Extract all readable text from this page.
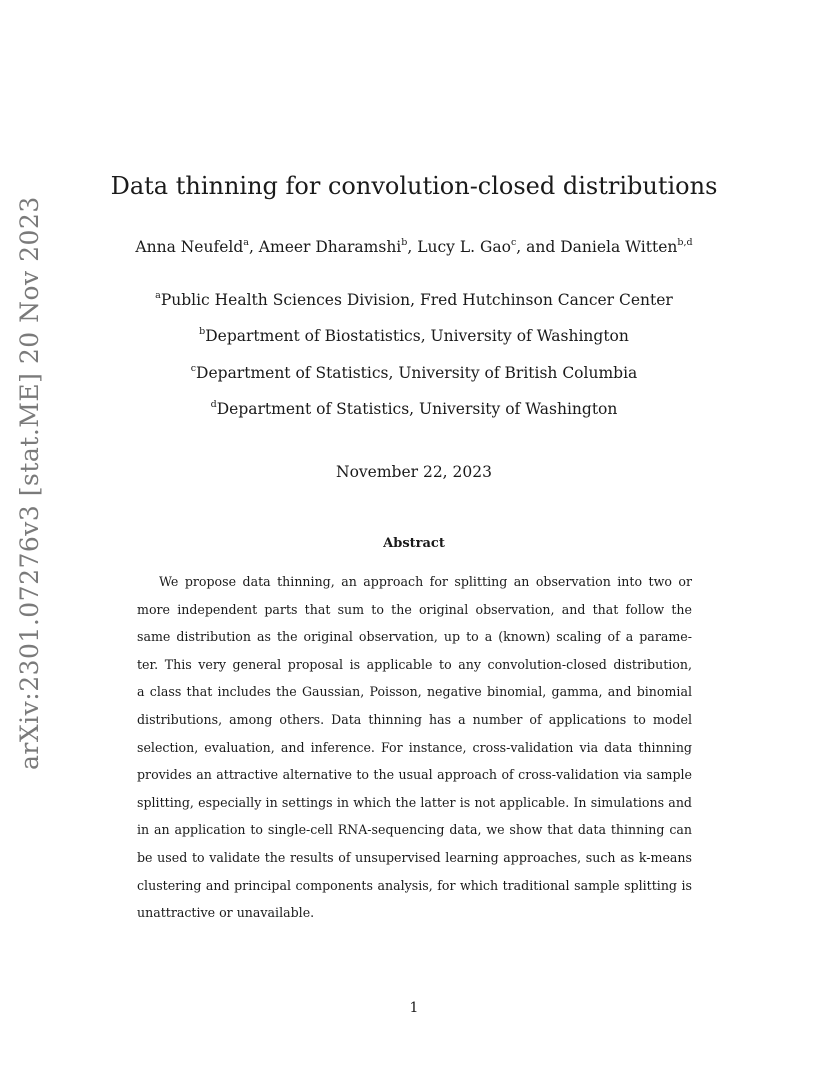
arXiv:2301.07276v3 [stat.ME] 20 Nov 2023
Data thinning for convolution-closed distributions
Anna Neufeld$^a$, Ameer Dharamshi$^b$, Lucy L. Gao$^c$, and Daniela Witten$^{b,d}$
$^a$Public Health Sciences Division, Fred Hutchinson Cancer Center
$^b$Department of Biostatistics, University of Washington
$^c$Department of Statistics, University of British Columbia
$^d$Department of Statistics, University of Washington
November 22, 2023
Abstract

We propose data thinning, an approach for splitting an observation into two or
more independent parts that sum to the original observation, and that follow the
same distribution as the original observation, up to a (known) scaling of a parame-
ter. This very general proposal is applicable to any convolution-closed distribution,
a class that includes the Gaussian, Poisson, negative binomial, gamma, and binomial
distributions, among others. Data thinning has a number of applications to model
selection, evaluation, and inference. For instance, cross-validation via data thinning
provides an attractive alternative to the usual approach of cross-validation via sample
splitting, especially in settings in which the latter is not applicable. In simulations and
in an application to single-cell RNA-sequencing data, we show that data thinning can
be used to validate the results of unsupervised learning approaches, such as k-means
clustering and principal components analysis, for which traditional sample splitting is
unattractive or unavailable.

1
